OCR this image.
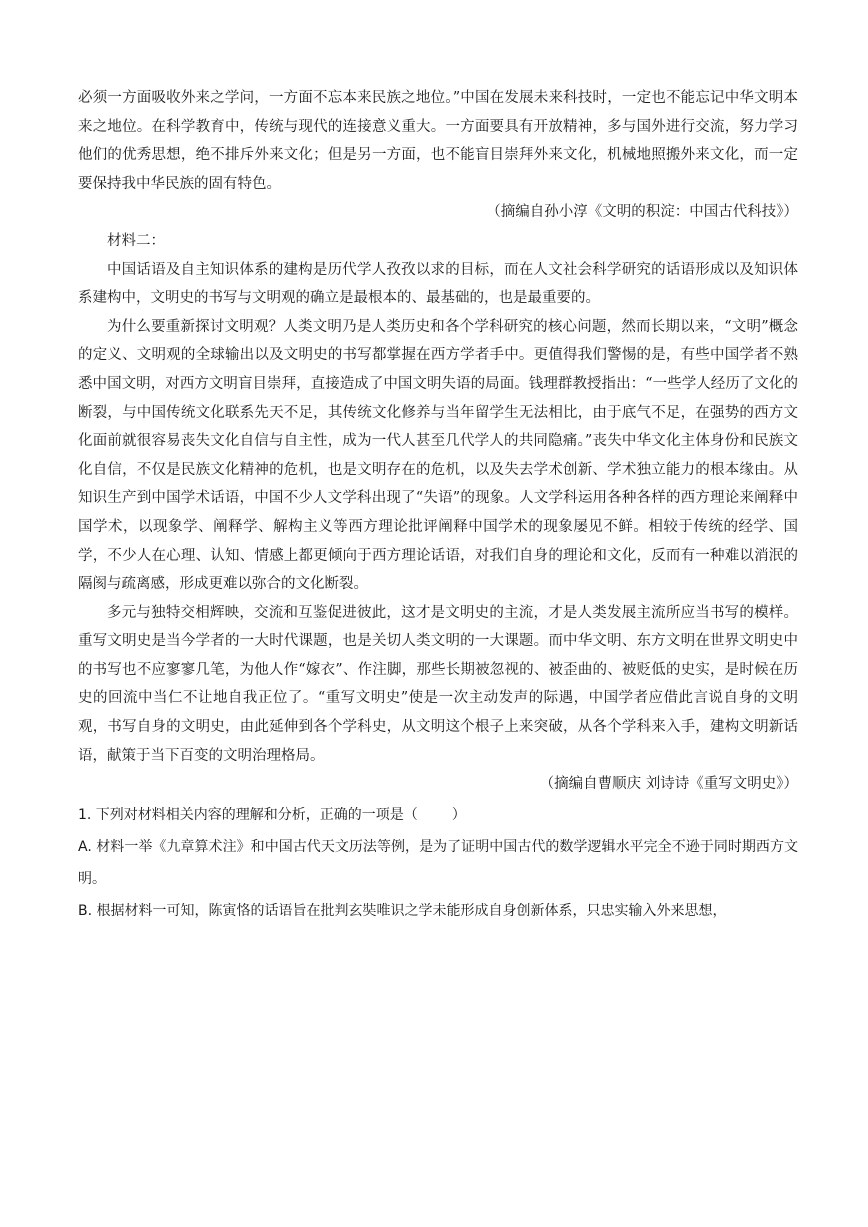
必须一方面吸收外来之学问，一方面不忘本来民族之地位。”中国在发展未来科技时，一定也不能忘记中华文明本来之地位。在科学教育中，传统与现代的连接意义重大。一方面要具有开放精神，多与国外进行交流，努力学习他们的优秀思想，绝不排斥外来文化；但是另一方面，也不能盲目崇拜外来文化，机械地照搬外来文化，而一定要保持我中华民族的固有特色。

（摘编自孙小淳《文明的积淀：中国古代科技》）

材料二：

中国话语及自主知识体系的建构是历代学人孜孜以求的目标，而在人文社会科学研究的话语形成以及知识体系建构中，文明史的书写与文明观的确立是最根本的、最基础的，也是最重要的。

为什么要重新探讨文明观？人类文明乃是人类历史和各个学科研究的核心问题，然而长期以来，“文明”概念的定义、文明观的全球输出以及文明史的书写都掌握在西方学者手中。更值得我们警惕的是，有些中国学者不熟悉中国文明，对西方文明盲目崇拜，直接造成了中国文明失语的局面。钱理群教授指出：“一些学人经历了文化的断裂，与中国传统文化联系先天不足，其传统文化修养与当年留学生无法相比，由于底气不足，在强势的西方文化面前就很容易丧失文化自信与自主性，成为一代人甚至几代学人的共同隐痛。”丧失中华文化主体身份和民族文化自信，不仅是民族文化精神的危机，也是文明存在的危机，以及失去学术创新、学术独立能力的根本缘由。从知识生产到中国学术话语，中国不少人文学科出现了“失语”的现象。人文学科运用各种各样的西方理论来阐释中国学术，以现象学、阐释学、解构主义等西方理论批评阐释中国学术的现象屡见不鲜。相较于传统的经学、国学，不少人在心理、认知、情感上都更倾向于西方理论话语，对我们自身的理论和文化，反而有一种难以消泯的隔阂与疏离感，形成更难以弥合的文化断裂。

多元与独特交相辉映，交流和互鉴促进彼此，这才是文明史的主流，才是人类发展主流所应当书写的模样。重写文明史是当今学者的一大时代课题，也是关切人类文明的一大课题。而中华文明、东方文明在世界文明史中的书写也不应寥寥几笔，为他人作“嫁衣”、作注脚，那些长期被忽视的、被歪曲的、被贬低的史实，是时候在历史的回流中当仁不让地自我正位了。“重写文明史”使是一次主动发声的际遇，中国学者应借此言说自身的文明观，书写自身的文明史，由此延伸到各个学科史，从文明这个根子上来突破，从各个学科来入手，建构文明新话语，献策于当下百变的文明治理格局。

（摘编自曹顺庆 刘诗诗《重写文明史》）

1. 下列对材料相关内容的理解和分析，正确的一项是（ ）

A. 材料一举《九章算术注》和中国古代天文历法等例，是为了证明中国古代的数学逻辑水平完全不逊于同时期西方文明。

B. 根据材料一可知，陈寅恪的话语旨在批判玄奘唯识之学未能形成自身创新体系，只忠实输入外来思想，
